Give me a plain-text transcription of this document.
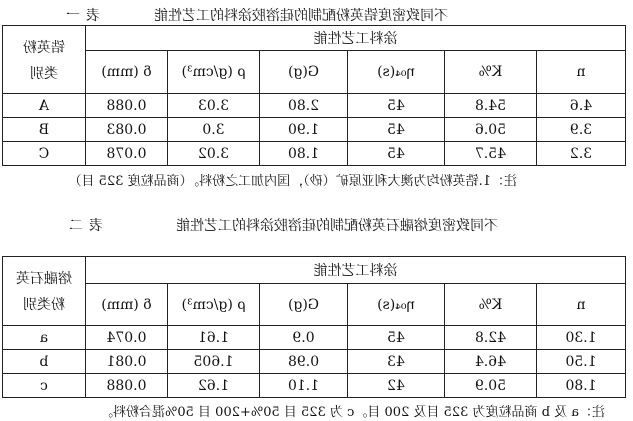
不同致密度锆英粉配制的硅溶胶涂料的工艺性能
表一
涂料工艺性能						锆英粉
类别

n	K%	η₀₄(s)	G(g)	ρ (g/cm³)	δ (mm)	
4.6	54.8	45	2.80	3.03	0.088	A
3.9	50.6	45	1.90	3.0	0.083	B
3.2	45.7	45	1.80	3.02	0.078	C
注：1.锆英粉均为澳大利亚原矿（砂），国内加工之粉料。（商品粒度 325 目）
不同致密度熔融石英粉配制的硅溶胶涂料的工艺性能
表二
涂料工艺性能						熔融石英
粉类别

n	K%	η₀₄(s)	G(g)	ρ (g/cm³)	δ (mm)	
1.30	42.8	45	0.9	1.61	0.074	a
1.50	46.4	43	0.98	1.605	0.081	b
1.80	50.9	42	1.10	1.62	0.088	c
注：a 及 b 商品粒度为 325 目及 200 目。c 为 325 目 50%+200 目 50%混合粉料。
